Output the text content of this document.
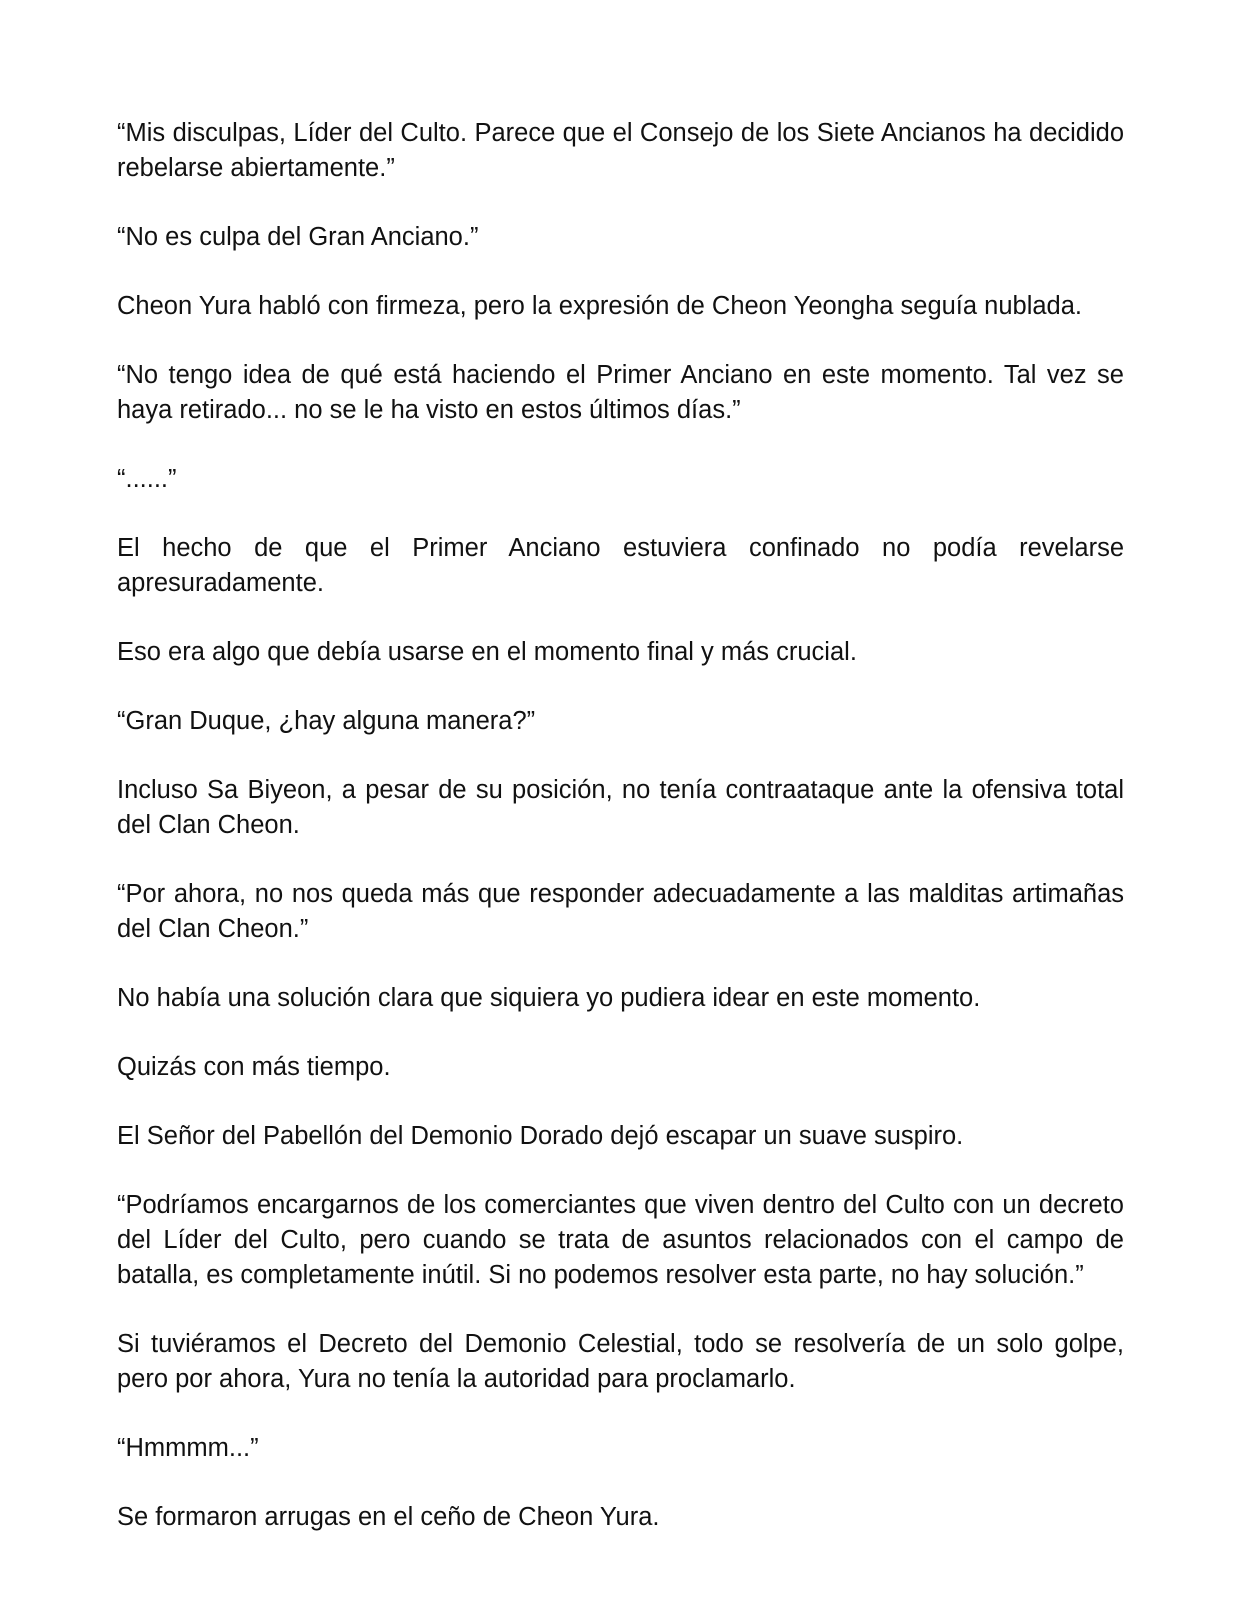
“Mis disculpas, Líder del Culto. Parece que el Consejo de los Siete Ancianos ha decidido rebelarse abiertamente.”

“No es culpa del Gran Anciano.”

Cheon Yura habló con firmeza, pero la expresión de Cheon Yeongha seguía nublada.

“No tengo idea de qué está haciendo el Primer Anciano en este momento. Tal vez se haya retirado... no se le ha visto en estos últimos días.”

“......”

El hecho de que el Primer Anciano estuviera confinado no podía revelarse apresuradamente.

Eso era algo que debía usarse en el momento final y más crucial.

“Gran Duque, ¿hay alguna manera?”

Incluso Sa Biyeon, a pesar de su posición, no tenía contraataque ante la ofensiva total del Clan Cheon.

“Por ahora, no nos queda más que responder adecuadamente a las malditas artimañas del Clan Cheon.”

No había una solución clara que siquiera yo pudiera idear en este momento.

Quizás con más tiempo.

El Señor del Pabellón del Demonio Dorado dejó escapar un suave suspiro.

“Podríamos encargarnos de los comerciantes que viven dentro del Culto con un decreto del Líder del Culto, pero cuando se trata de asuntos relacionados con el campo de batalla, es completamente inútil. Si no podemos resolver esta parte, no hay solución.”

Si tuviéramos el Decreto del Demonio Celestial, todo se resolvería de un solo golpe, pero por ahora, Yura no tenía la autoridad para proclamarlo.

“Hmmmm...”

Se formaron arrugas en el ceño de Cheon Yura.
